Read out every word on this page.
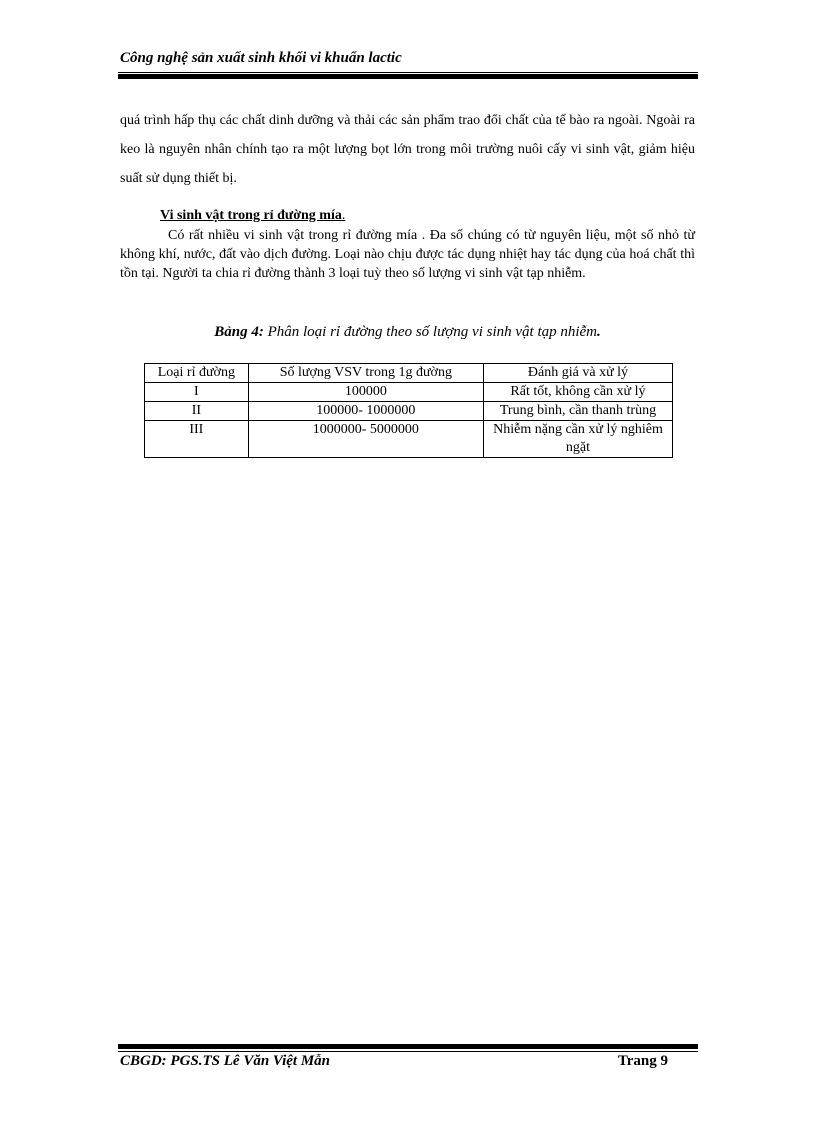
Công nghệ sản xuất sinh khối vi khuẩn lactic
quá trình hấp thụ các chất dinh dưỡng và thải các sản phẩm trao đổi chất của tế bào ra ngoài. Ngoài ra keo là nguyên nhân chính tạo ra một lượng bọt lớn trong môi trường nuôi cấy vi sinh vật, giảm hiệu suất sử dụng thiết bị.
Vi sinh vật trong rỉ đường mía.
Có rất nhiều vi sinh vật trong rỉ đường mía . Đa số chúng có từ nguyên liệu, một số nhỏ từ không khí, nước, đất vào dịch đường. Loại nào chịu được tác dụng nhiệt hay tác dụng của hoá chất thì tồn tại. Người ta chia rỉ đường thành 3 loại tuỳ theo số lượng vi sinh vật tạp nhiễm.
Bảng 4: Phân loại rỉ đường theo số lượng vi sinh vật tạp nhiễm.
Loại rỉ đường	Số lượng VSV trong 1g đường	Đánh giá và xử lý
I	100000	Rất tốt, không cần xử lý
II	100000- 1000000	Trung bình, cần thanh trùng
III	1000000- 5000000	Nhiễm nặng cần xử lý nghiêm ngặt
CBGD: PGS.TS Lê Văn Việt Mẫn	Trang 9
